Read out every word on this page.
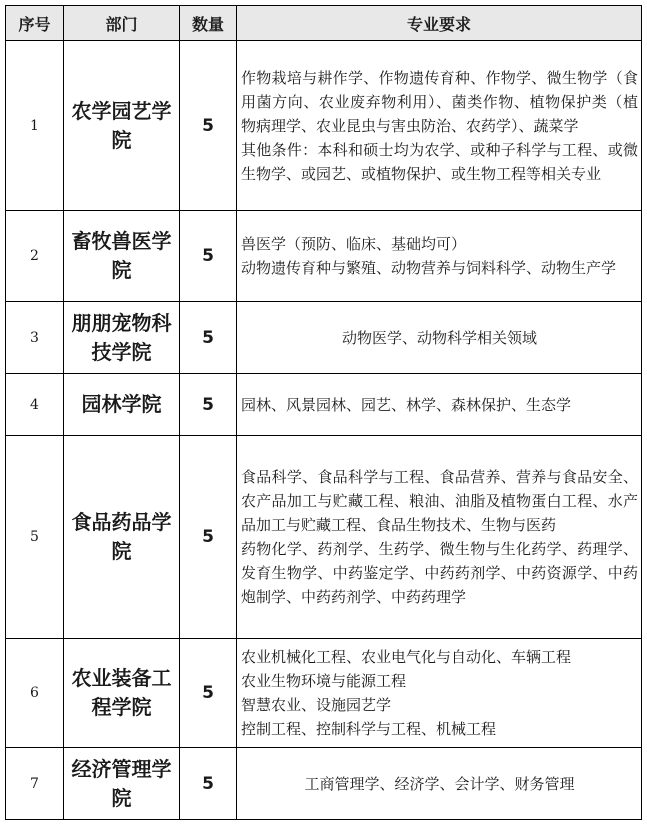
序号	部门	数量	专业要求
1	农学园艺学院	5	作物栽培与耕作学、作物遗传育种、作物学、微生物学（食用菌方向、农业废弃物利用）、菌类作物、植物保护类（植物病理学、农业昆虫与害虫防治、农药学）、蔬菜学
其他条件：本科和硕士均为农学、或种子科学与工程、或微生物学、或园艺、或植物保护、或生物工程等相关专业

2	畜牧兽医学院	5	兽医学（预防、临床、基础均可）
动物遗传育种与繁殖、动物营养与饲料科学、动物生产学

3	朋朋宠物科技学院	5	动物医学、动物科学相关领域

4	园林学院	5	园林、风景园林、园艺、林学、森林保护、生态学

5	食品药品学院	5	食品科学、食品科学与工程、食品营养、营养与食品安全、农产品加工与贮藏工程、粮油、油脂及植物蛋白工程、水产品加工与贮藏工程、食品生物技术、生物与医药
药物化学、药剂学、生药学、微生物与生化药学、药理学、发育生物学、中药鉴定学、中药药剂学、中药资源学、中药炮制学、中药药剂学、中药药理学

6	农业装备工程学院	5	农业机械化工程、农业电气化与自动化、车辆工程
农业生物环境与能源工程
智慧农业、设施园艺学
控制工程、控制科学与工程、机械工程

7	经济管理学院	5	工商管理学、经济学、会计学、财务管理
